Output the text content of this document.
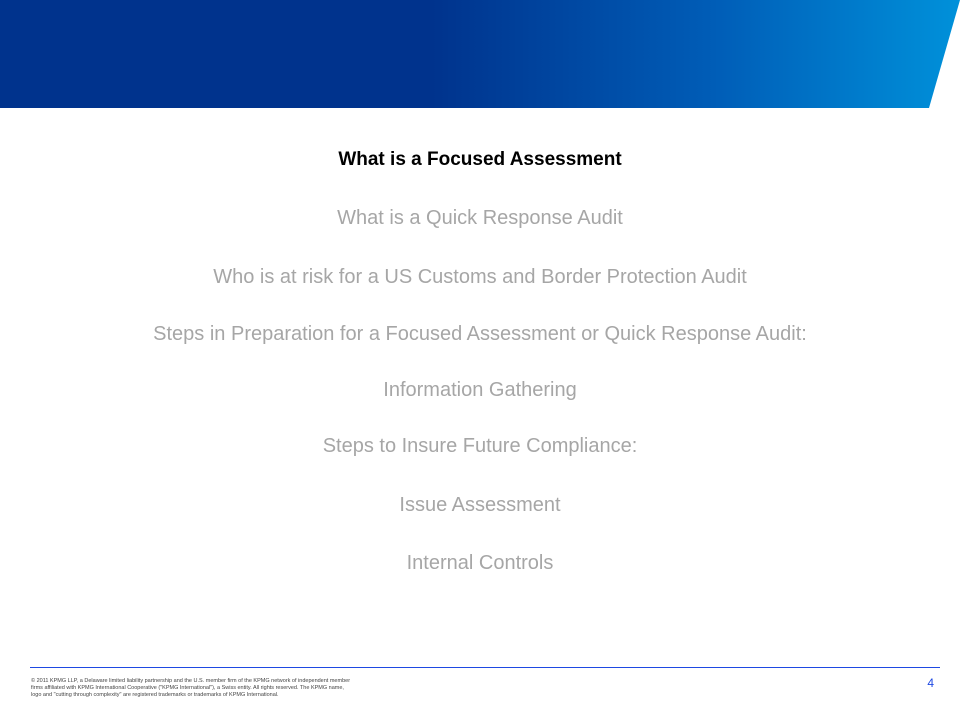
What is a Focused Assessment
What is a Quick Response Audit
Who is at risk for a US Customs and Border Protection Audit
Steps in Preparation for a Focused Assessment or Quick Response Audit:
Information Gathering
Steps to Insure Future Compliance:
Issue Assessment
Internal Controls
© 2011 KPMG LLP, a Delaware limited liability partnership and the U.S. member firm of the KPMG network of independent member firms affiliated with KPMG International Cooperative ("KPMG International"), a Swiss entity. All rights reserved. The KPMG name, logo and "cutting through complexity" are registered trademarks or trademarks of KPMG International.
4
